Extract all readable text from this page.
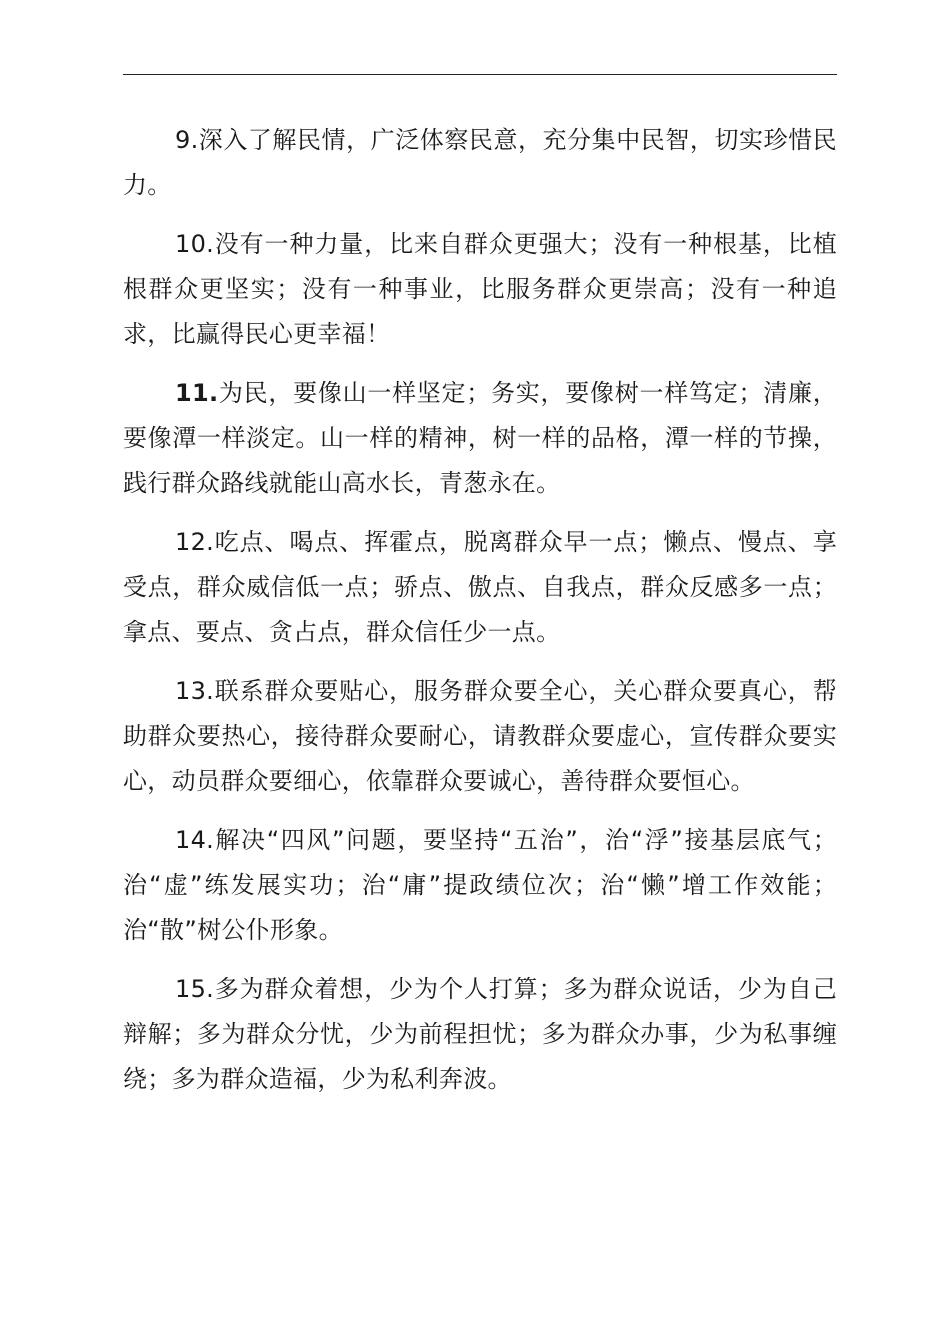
9.深入了解民情，广泛体察民意，充分集中民智，切实珍惜民力。

10.没有一种力量，比来自群众更强大；没有一种根基，比植根群众更坚实；没有一种事业，比服务群众更崇高；没有一种追求，比赢得民心更幸福！

11.为民，要像山一样坚定；务实，要像树一样笃定；清廉，要像潭一样淡定。山一样的精神，树一样的品格，潭一样的节操，践行群众路线就能山高水长，青葱永在。

12.吃点、喝点、挥霍点，脱离群众早一点；懒点、慢点、享受点，群众威信低一点；骄点、傲点、自我点，群众反感多一点；拿点、要点、贪占点，群众信任少一点。

13.联系群众要贴心，服务群众要全心，关心群众要真心，帮助群众要热心，接待群众要耐心，请教群众要虚心，宣传群众要实心，动员群众要细心，依靠群众要诚心，善待群众要恒心。

14.解决“四风”问题，要坚持“五治”，治“浮”接基层底气；治“虚”练发展实功；治“庸”提政绩位次；治“懒”增工作效能；治“散”树公仆形象。

15.多为群众着想，少为个人打算；多为群众说话，少为自己辩解；多为群众分忧，少为前程担忧；多为群众办事，少为私事缠绕；多为群众造福，少为私利奔波。
